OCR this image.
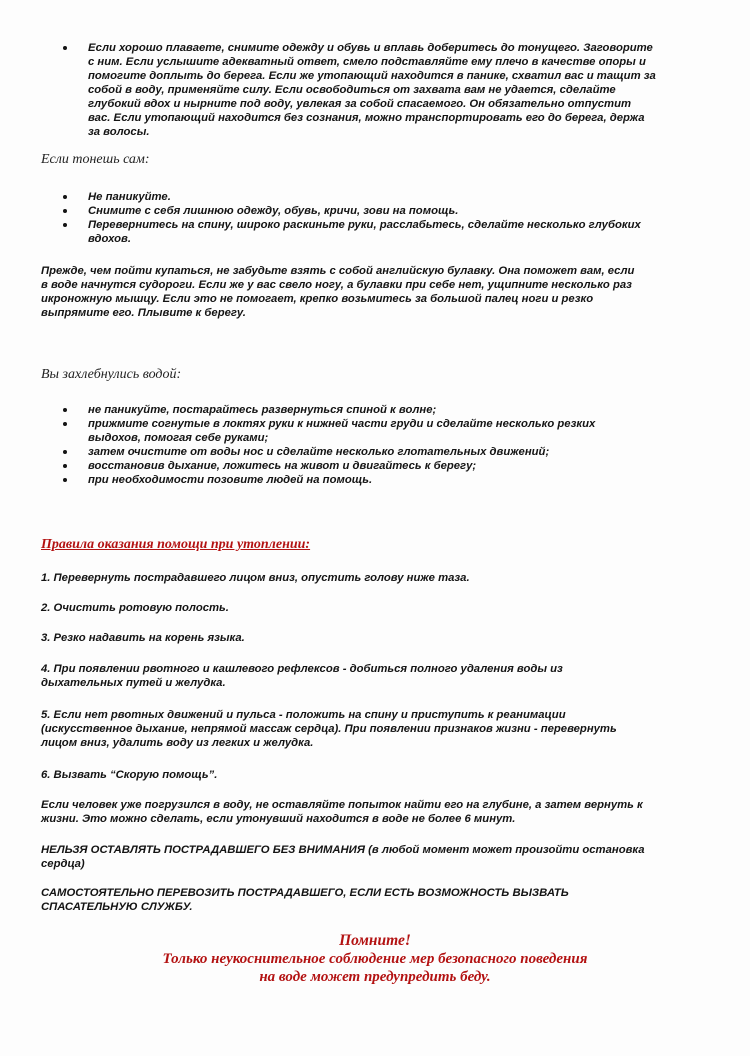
Если хорошо плаваете, снимите одежду и обувь и вплавь доберитесь до тонущего. Заговорите
с ним. Если услышите адекватный ответ, смело подставляйте ему плечо в качестве опоры и
помогите доплыть до берега. Если же утопающий находится в панике, схватил вас и тащит за
собой в воду, применяйте силу. Если освободиться от захвата вам не удается, сделайте
глубокий вдох и нырните под воду, увлекая за собой спасаемого. Он обязательно отпустит
вас. Если утопающий находится без сознания, можно транспортировать его до берега, держа
за волосы.
Если тонешь сам:
Не паникуйте.
Снимите с себя лишнюю одежду, обувь, кричи, зови на помощь.
Перевернитесь на спину, широко раскиньте руки, расслабьтесь, сделайте несколько глубоких
вдохов.
Прежде, чем пойти купаться, не забудьте взять с собой английскую булавку. Она поможет вам, если
в воде начнутся судороги. Если же у вас свело ногу, а булавки при себе нет, ущипните несколько раз
икроножную мышцу. Если это не помогает, крепко возьмитесь за большой палец ноги и резко
выпрямите его. Плывите к берегу.
Вы захлебнулись водой:
не паникуйте, постарайтесь развернуться спиной к волне;
прижмите согнутые в локтях руки к нижней части груди и сделайте несколько резких
выдохов, помогая себе руками;
затем очистите от воды нос и сделайте несколько глотательных движений;
восстановив дыхание, ложитесь на живот и двигайтесь к берегу;
при необходимости позовите людей на помощь.
Правила оказания помощи при утоплении:
1. Перевернуть пострадавшего лицом вниз, опустить голову ниже таза.
2. Очистить ротовую полость.
3. Резко надавить на корень языка.
4. При появлении рвотного и кашлевого рефлексов - добиться полного удаления воды из
дыхательных путей и желудка.
5. Если нет рвотных движений и пульса - положить на спину и приступить к реанимации
(искусственное дыхание, непрямой массаж сердца). При появлении признаков жизни - перевернуть
лицом вниз, удалить воду из легких и желудка.
6. Вызвать “Скорую помощь”.
Если человек уже погрузился в воду, не оставляйте попыток найти его на глубине, а затем вернуть к
жизни. Это можно сделать, если утонувший находится в воде не более 6 минут.
НЕЛЬЗЯ ОСТАВЛЯТЬ ПОСТРАДАВШЕГО БЕЗ ВНИМАНИЯ (в любой момент может произойти остановка
сердца)
САМОСТОЯТЕЛЬНО ПЕРЕВОЗИТЬ ПОСТРАДАВШЕГО, ЕСЛИ ЕСТЬ ВОЗМОЖНОСТЬ ВЫЗВАТЬ
СПАСАТЕЛЬНУЮ СЛУЖБУ.
Помните!
Только неукоснительное соблюдение мер безопасного поведения
на воде может предупредить беду.
